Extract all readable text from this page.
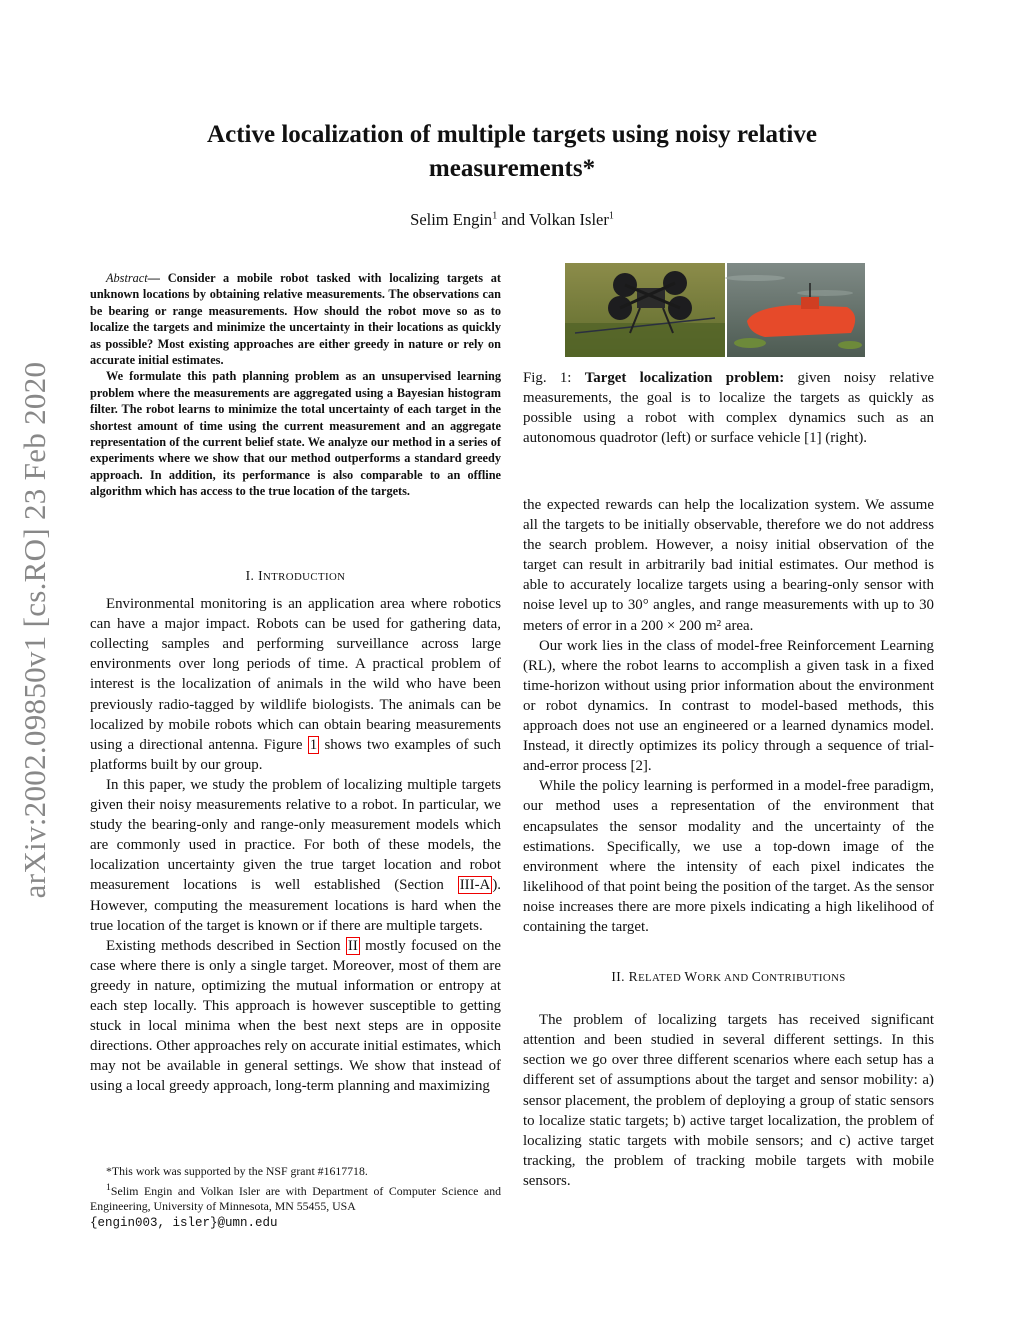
arXiv:2002.09850v1 [cs.RO] 23 Feb 2020
Active localization of multiple targets using noisy relative measurements*
Selim Engin$^1$ and Volkan Isler$^1$

Abstract— Consider a mobile robot tasked with localizing targets at unknown locations by obtaining relative measurements. The observations can be bearing or range measurements. How should the robot move so as to localize the targets and minimize the uncertainty in their locations as quickly as possible? Most existing approaches are either greedy in nature or rely on accurate initial estimates.

We formulate this path planning problem as an unsupervised learning problem where the measurements are aggregated using a Bayesian histogram filter. The robot learns to minimize the total uncertainty of each target in the shortest amount of time using the current measurement and an aggregate representation of the current belief state. We analyze our method in a series of experiments where we show that our method outperforms a standard greedy approach. In addition, its performance is also comparable to an offline algorithm which has access to the true location of the targets.

I. INTRODUCTION

Environmental monitoring is an application area where robotics can have a major impact. Robots can be used for gathering data, collecting samples and performing surveillance across large environments over long periods of time. A practical problem of interest is the localization of animals in the wild who have been previously radio-tagged by wildlife biologists. The animals can be localized by mobile robots which can obtain bearing measurements using a directional antenna. Figure 1 shows two examples of such platforms built by our group.

In this paper, we study the problem of localizing multiple targets given their noisy measurements relative to a robot. In particular, we study the bearing-only and range-only measurement models which are commonly used in practice. For both of these models, the localization uncertainty given the true target location and robot measurement locations is well established (Section III-A ). However, computing the measurement locations is hard when the true location of the target is known or if there are multiple targets.

Existing methods described in Section II mostly focused on the case where there is only a single target. Moreover, most of them are greedy in nature, optimizing the mutual information or entropy at each step locally. This approach is however susceptible to getting stuck in local minima when the best next steps are in opposite directions. Other approaches rely on accurate initial estimates, which may not be available in general settings. We show that instead of using a local greedy approach, long-term planning and maximizing

*This work was supported by the NSF grant #1617718.

$^1$Selim Engin and Volkan Isler are with Department of Computer Science and Engineering, University of Minnesota, MN 55455, USA

{engin003, isler}@umn.edu

Fig. 1: Target localization problem: given noisy relative measurements, the goal is to localize the targets as quickly as possible using a robot with complex dynamics such as an autonomous quadrotor (left) or surface vehicle [1] (right).

the expected rewards can help the localization system. We assume all the targets to be initially observable, therefore we do not address the search problem. However, a noisy initial observation of the target can result in arbitrarily bad initial estimates. Our method is able to accurately localize targets using a bearing-only sensor with noise level up to 30° angles, and range measurements with up to 30 meters of error in a 200 × 200 m² area.

Our work lies in the class of model-free Reinforcement Learning (RL), where the robot learns to accomplish a given task in a fixed time-horizon without using prior information about the environment or robot dynamics. In contrast to model-based methods, this approach does not use an engineered or a learned dynamics model. Instead, it directly optimizes its policy through a sequence of trial-and-error process [2].

While the policy learning is performed in a model-free paradigm, our method uses a representation of the environment that encapsulates the sensor modality and the uncertainty of the estimations. Specifically, we use a top-down image of the environment where the intensity of each pixel indicates the likelihood of that point being the position of the target. As the sensor noise increases there are more pixels indicating a high likelihood of containing the target.

II. RELATED WORK AND CONTRIBUTIONS

The problem of localizing targets has received significant attention and been studied in several different settings. In this section we go over three different scenarios where each setup has a different set of assumptions about the target and sensor mobility: a) sensor placement, the problem of deploying a group of static sensors to localize static targets; b) active target localization, the problem of localizing static targets with mobile sensors; and c) active target tracking, the problem of tracking mobile targets with mobile sensors.
